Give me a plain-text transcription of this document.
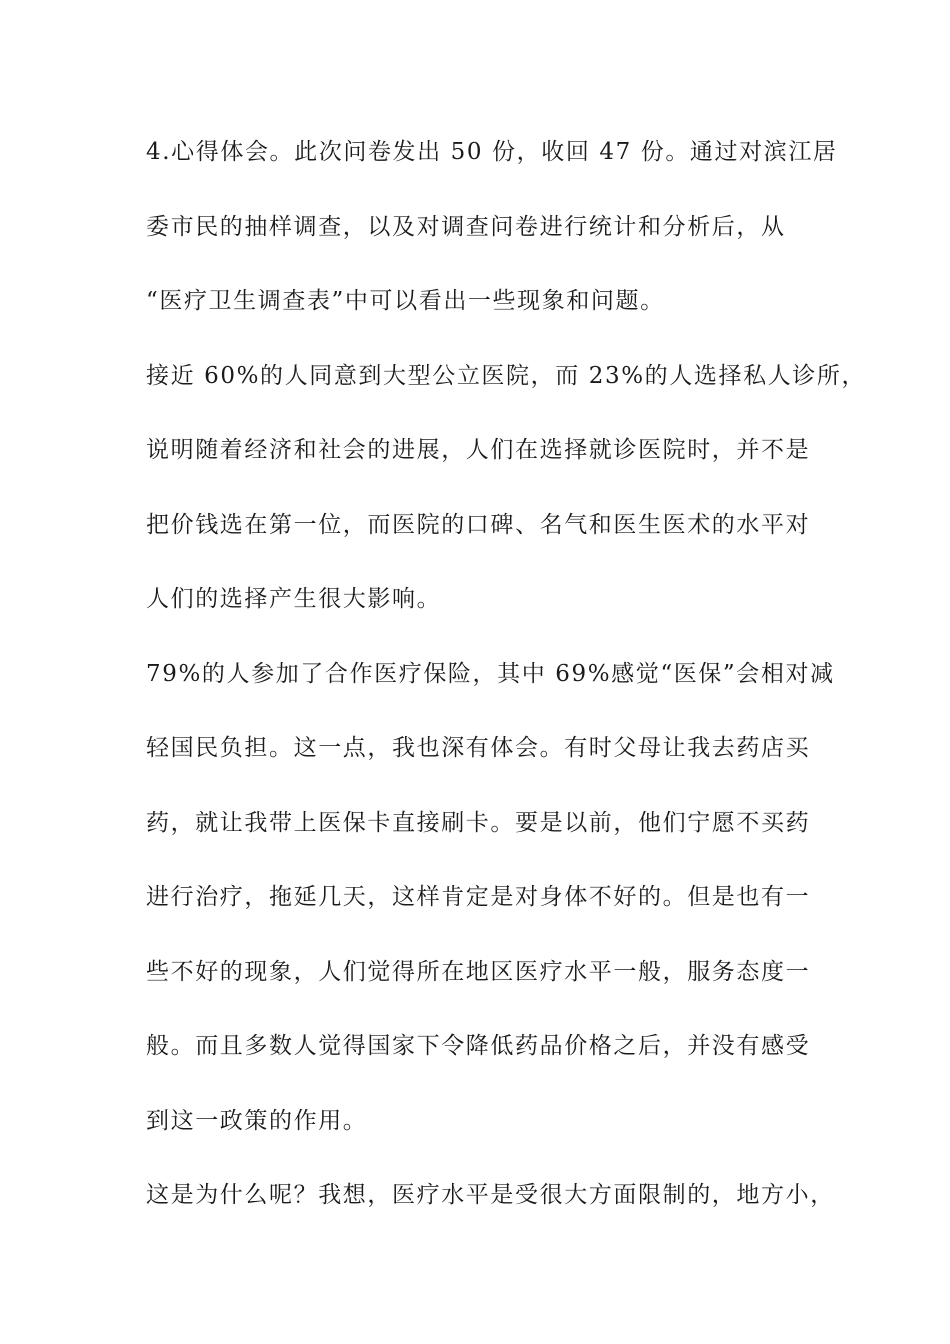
4.心得体会。此次问卷发出 50 份，收回 47 份。通过对滨江居
委市民的抽样调查，以及对调查问卷进行统计和分析后，从
“医疗卫生调查表”中可以看出一些现象和问题。
接近 60%的人同意到大型公立医院，而 23%的人选择私人诊所，
说明随着经济和社会的进展，人们在选择就诊医院时，并不是
把价钱选在第一位，而医院的口碑、名气和医生医术的水平对
人们的选择产生很大影响。
79%的人参加了合作医疗保险，其中 69%感觉“医保”会相对减
轻国民负担。这一点，我也深有体会。有时父母让我去药店买
药，就让我带上医保卡直接刷卡。要是以前，他们宁愿不买药
进行治疗，拖延几天，这样肯定是对身体不好的。但是也有一
些不好的现象，人们觉得所在地区医疗水平一般，服务态度一
般。而且多数人觉得国家下令降低药品价格之后，并没有感受
到这一政策的作用。
这是为什么呢？我想，医疗水平是受很大方面限制的，地方小，
